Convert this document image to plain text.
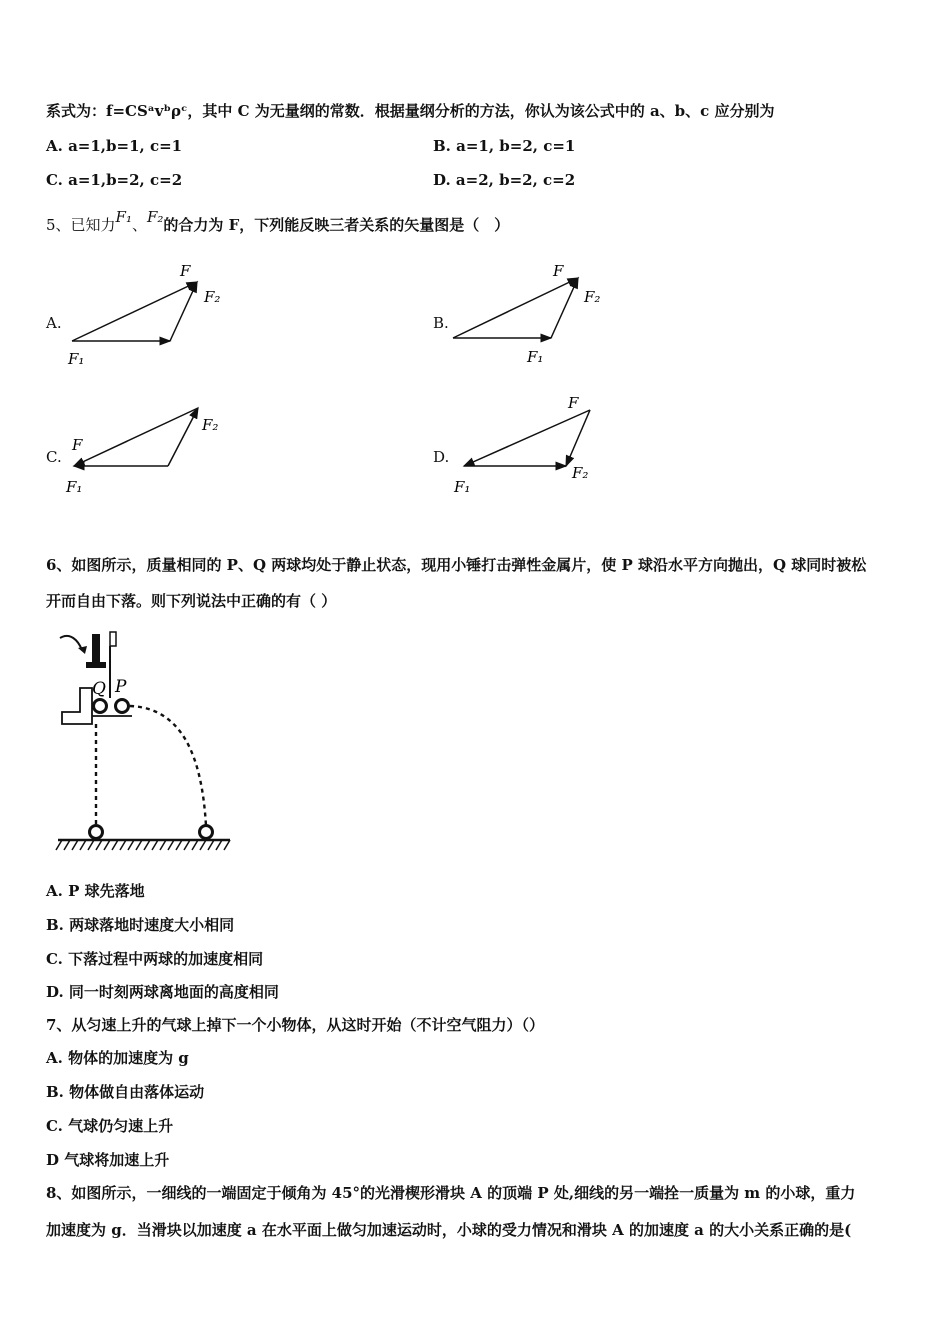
系式为：f=CSᵃvᵇρᶜ，其中 C 为无量纲的常数．根据量纲分析的方法，你认为该公式中的 a、b、c 应分别为
A. a=1,b=1, c=1	B. a=1, b=2, c=1
C. a=1,b=2, c=2	D. a=2, b=2, c=2
5、已知力F₁、F₂的合力为 F，下列能反映三者关系的矢量图是（　）
A.
F
F₂
F₁
B.
F
F₂
F₁
C.
F
F₂
F₁
D.
F
F₂
F₁
6、如图所示，质量相同的 P、Q 两球均处于静止状态，现用小锤打击弹性金属片，使 P 球沿水平方向抛出，Q 球同时被松
开而自由下落。则下列说法中正确的有（ ）
Q P
A. P 球先落地
B. 两球落地时速度大小相同
C. 下落过程中两球的加速度相同
D. 同一时刻两球离地面的高度相同
7、从匀速上升的气球上掉下一个小物体，从这时开始（不计空气阻力）（）
A. 物体的加速度为 g
B. 物体做自由落体运动
C. 气球仍匀速上升
D 气球将加速上升
8、如图所示，一细线的一端固定于倾角为 45°的光滑楔形滑块 A 的顶端 P 处,细线的另一端拴一质量为 m 的小球，重力
加速度为 g．当滑块以加速度 a 在水平面上做匀加速运动时，小球的受力情况和滑块 A 的加速度 a 的大小关系正确的是(
